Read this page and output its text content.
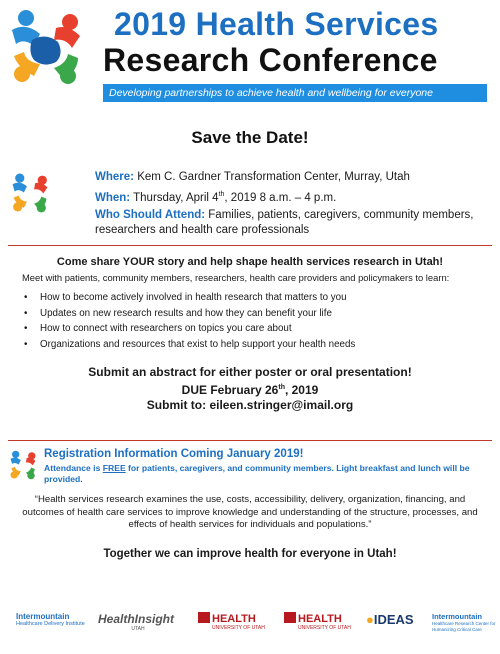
2019 Health Services
Research Conference
Developing partnerships to achieve health and wellbeing for everyone
Save the Date!
Where: Kem C. Gardner Transformation Center, Murray, Utah
When: Thursday, April 4th, 2019 8 a.m. – 4 p.m.
Who Should Attend: Families, patients, caregivers, community members, researchers and health care professionals
Come share YOUR story and help shape health services research in Utah!
Meet with patients, community members, researchers, health care providers and policymakers to learn:
• How to become actively involved in health research that matters to you
• Updates on new research results and how they can benefit your life
• How to connect with researchers on topics you care about
• Organizations and resources that exist to help support your health needs
Submit an abstract for either poster or oral presentation!
DUE February 26th, 2019
Submit to: eileen.stringer@imail.org
Registration Information Coming January 2019!
Attendance is FREE for patients, caregivers, and community members. Light breakfast and lunch will be provided.
“Health services research examines the use, costs, accessibility, delivery, organization, financing, and outcomes of health care services to improve knowledge and understanding of the structure, processes, and effects of health services for individuals and populations.”
Together we can improve health for everyone in Utah!
Intermountain
Healthcare Delivery Institute	HealthInsight
UTAH
HEALTH
UNIVERSITY OF UTAH
HEALTH
UNIVERSITY OF UTAH
●IDEAS	Intermountain
Healthcare Research Center for Humanizing Critical Care
